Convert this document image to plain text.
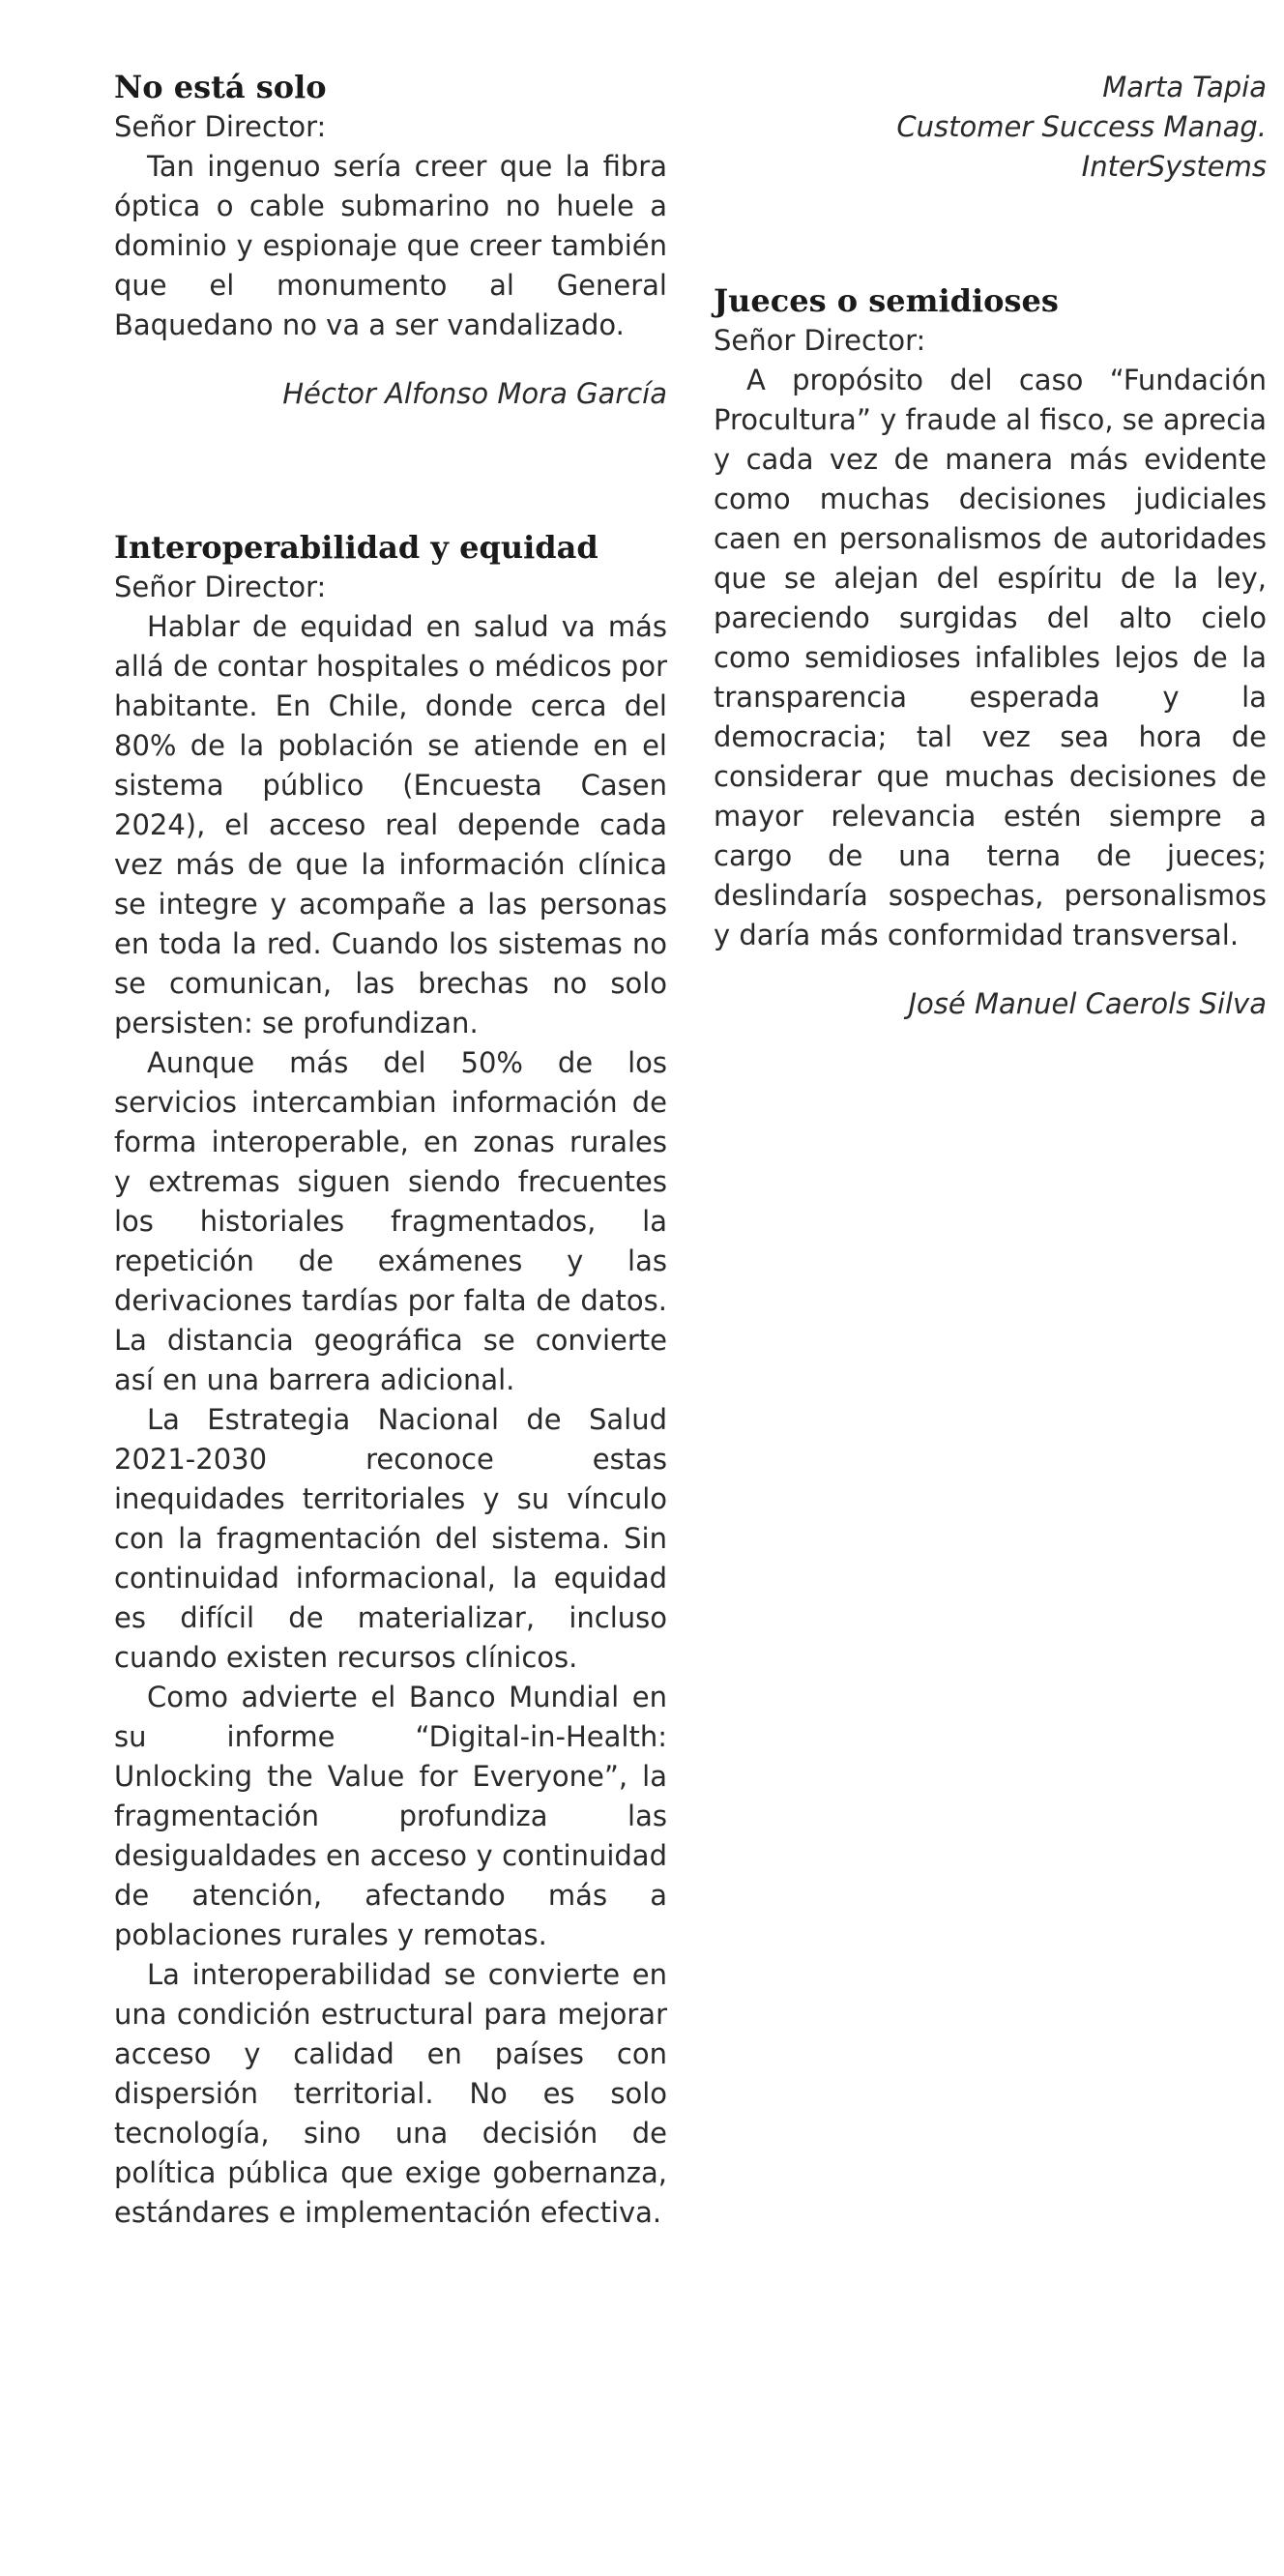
No está solo

Señor Director:

Tan ingenuo sería creer que la fibra óptica o cable submarino no huele a dominio y espionaje que creer también que el monumento al General Baquedano no va a ser vandalizado.

Héctor Alfonso Mora García

Interoperabilidad y equidad

Señor Director:

Hablar de equidad en salud va más allá de contar hospitales o médicos por habitante. En Chile, donde cerca del 80% de la población se atiende en el sistema público (Encuesta Casen 2024), el acceso real depende cada vez más de que la información clínica se integre y acompañe a las personas en toda la red. Cuando los sistemas no se comunican, las brechas no solo persisten: se profundizan.

Aunque más del 50% de los servicios intercambian información de forma interoperable, en zonas rurales y extremas siguen siendo frecuentes los historiales fragmentados, la repetición de exámenes y las derivaciones tardías por falta de datos. La distancia geográfica se convierte así en una barrera adicional.

La Estrategia Nacional de Salud 2021-2030 reconoce estas inequidades territoriales y su vínculo con la fragmentación del sistema. Sin continuidad informacional, la equidad es difícil de materializar, incluso cuando existen recursos clínicos.

Como advierte el Banco Mundial en su informe “Digital-in-Health: Unlocking the Value for Everyone”, la fragmentación profundiza las desigualdades en acceso y continuidad de atención, afectando más a poblaciones rurales y remotas.

La interoperabilidad se convierte en una condición estructural para mejorar acceso y calidad en países con dispersión territorial. No es solo tecnología, sino una decisión de política pública que exige gobernanza, estándares e implementación efectiva.

Marta Tapia
Customer Success Manag.
InterSystems
Jueces o semidioses

Señor Director:

A propósito del caso “Fundación Procultura” y fraude al fisco, se aprecia y cada vez de manera más evidente como muchas decisiones judiciales caen en personalismos de autoridades que se alejan del espíritu de la ley, pareciendo surgidas del alto cielo como semidioses infalibles lejos de la transparencia esperada y la democracia; tal vez sea hora de considerar que muchas decisiones de mayor relevancia estén siempre a cargo de una terna de jueces; deslindaría sospechas, personalismos y daría más conformidad transversal.

José Manuel Caerols Silva
